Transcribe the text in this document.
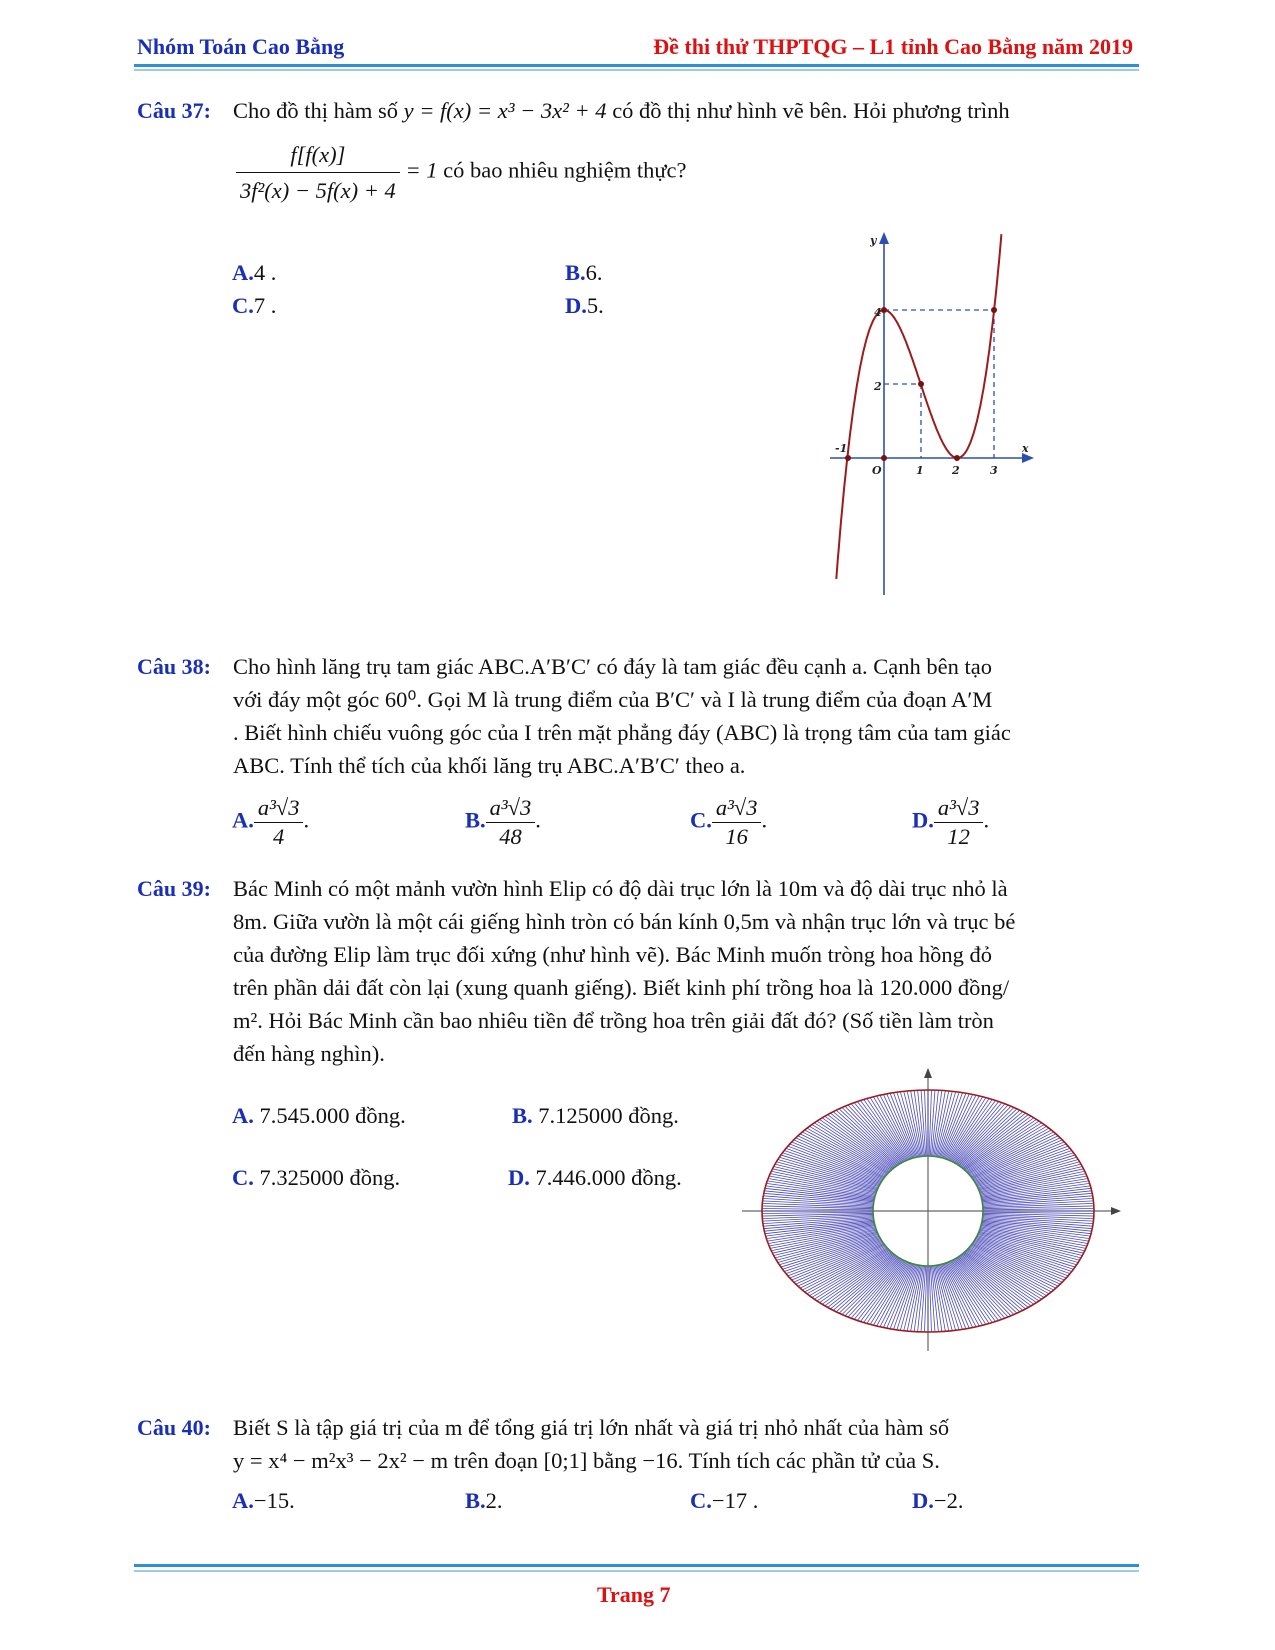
Nhóm Toán Cao Bằng	Đề thi thử THPTQG – L1 tỉnh Cao Bằng năm 2019
Câu 37: Cho đồ thị hàm số y = f(x) = x³ − 3x² + 4 có đồ thị như hình vẽ bên. Hỏi phương trình
$\frac{f[f(x)]}{\text{3f²(x) − 5f(x) + 4}} = 1$ có bao nhiêu nghiệm thực?
A.4 .	B.6.
C.7 .	D.5.
y
4
2
-1
O	1	2	3
x
Câu 38: Cho hình lăng trụ tam giác ABC.A′B′C′ có đáy là tam giác đều cạnh a. Cạnh bên tạo
với đáy một góc 60⁰. Gọi M là trung điểm của B′C′ và I là trung điểm của đoạn A′M
. Biết hình chiếu vuông góc của I trên mặt phẳng đáy (ABC) là trọng tâm của tam giác
ABC. Tính thể tích của khối lăng trụ ABC.A′B′C′ theo a.
A. $\frac{\text{a³√3}}{4}$ .	B. $\frac{\text{a³√3}}{48}$ .	C. $\frac{\text{a³√3}}{16}$ .	D. $\frac{\text{a³√3}}{12}$ .
Câu 39: Bác Minh có một mảnh vườn hình Elip có độ dài trục lớn là 10m và độ dài trục nhỏ là
8m. Giữa vườn là một cái giếng hình tròn có bán kính 0,5m và nhận trục lớn và trục bé
của đường Elip làm trục đối xứng (như hình vẽ). Bác Minh muốn tròng hoa hồng đỏ
trên phần dải đất còn lại (xung quanh giếng). Biết kinh phí trồng hoa là 120.000 đồng/
m². Hỏi Bác Minh cần bao nhiêu tiền để trồng hoa trên giải đất đó? (Số tiền làm tròn
đến hàng nghìn).
A. 7.545.000 đồng.	B. 7.125000 đồng.
C. 7.325000 đồng.	D. 7.446.000 đồng.
Câu 40: Biết S là tập giá trị của m để tổng giá trị lớn nhất và giá trị nhỏ nhất của hàm số
y = x⁴ − m²x³ − 2x² − m trên đoạn [0;1] bằng −16. Tính tích các phần tử của S.
A.−15.	B.2.	C.−17 .	D.−2.
Trang 7
